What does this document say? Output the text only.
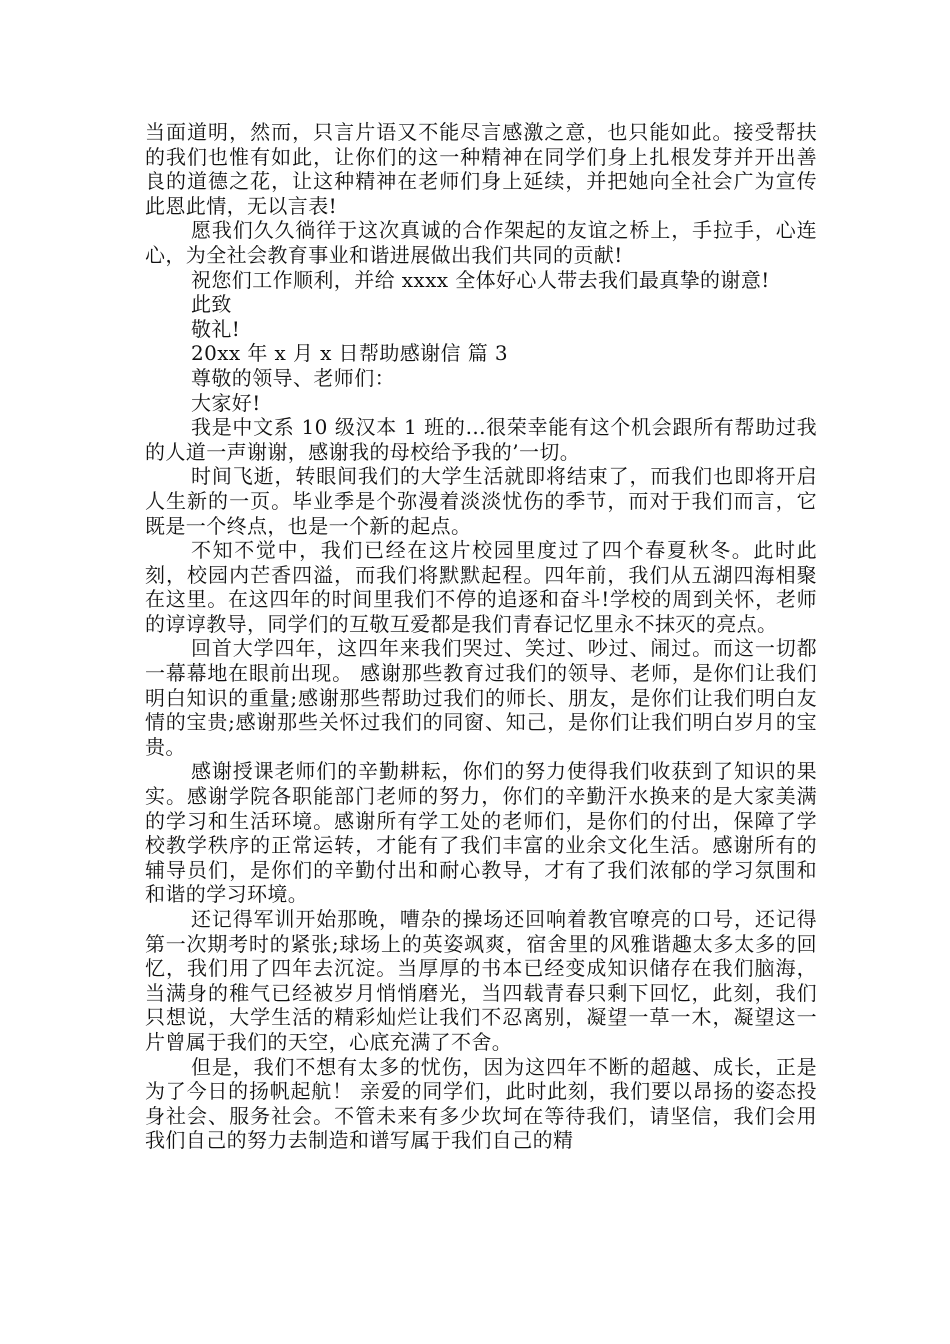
当面道明，然而，只言片语又不能尽言感激之意，也只能如此。接受帮扶的我们也惟有如此，让你们的这一种精神在同学们身上扎根发芽并开出善良的道德之花，让这种精神在老师们身上延续，并把她向全社会广为宣传 此恩此情，无以言表!

愿我们久久徜徉于这次真诚的合作架起的友谊之桥上，手拉手，心连心，为全社会教育事业和谐进展做出我们共同的贡献!

祝您们工作顺利，并给 xxxx 全体好心人带去我们最真挚的谢意!

此致

敬礼!

20xx 年 x 月 x 日帮助感谢信 篇 3

尊敬的领导、老师们：

大家好!

我是中文系 10 级汉本 1 班的...很荣幸能有这个机会跟所有帮助过我的人道一声谢谢，感谢我的母校给予我的’一切。

时间飞逝，转眼间我们的大学生活就即将结束了，而我们也即将开启人生新的一页。毕业季是个弥漫着淡淡忧伤的季节，而对于我们而言，它既是一个终点，也是一个新的起点。

不知不觉中，我们已经在这片校园里度过了四个春夏秋冬。此时此刻，校园内芒香四溢，而我们将默默起程。四年前，我们从五湖四海相聚在这里。在这四年的时间里我们不停的追逐和奋斗!学校的周到关怀，老师的谆谆教导，同学们的互敬互爱都是我们青春记忆里永不抹灭的亮点。

回首大学四年，这四年来我们哭过、笑过、吵过、闹过。而这一切都一幕幕地在眼前出现。 感谢那些教育过我们的领导、老师，是你们让我们明白知识的重量;感谢那些帮助过我们的师长、朋友，是你们让我们明白友情的宝贵;感谢那些关怀过我们的同窗、知己，是你们让我们明白岁月的宝贵。

感谢授课老师们的辛勤耕耘，你们的努力使得我们收获到了知识的果实。感谢学院各职能部门老师的努力，你们的辛勤汗水换来的是大家美满的学习和生活环境。感谢所有学工处的老师们，是你们的付出，保障了学校教学秩序的正常运转，才能有了我们丰富的业余文化生活。感谢所有的辅导员们，是你们的辛勤付出和耐心教导，才有了我们浓郁的学习氛围和和谐的学习环境。

还记得军训开始那晚，嘈杂的操场还回响着教官嘹亮的口号，还记得第一次期考时的紧张;球场上的英姿飒爽，宿舍里的风雅谐趣太多太多的回忆，我们用了四年去沉淀。当厚厚的书本已经变成知识储存在我们脑海，当满身的稚气已经被岁月悄悄磨光，当四载青春只剩下回忆，此刻，我们只想说，大学生活的精彩灿烂让我们不忍离别，凝望一草一木，凝望这一片曾属于我们的天空，心底充满了不舍。

但是，我们不想有太多的忧伤，因为这四年不断的超越、成长，正是为了今日的扬帆起航！ 亲爱的同学们，此时此刻，我们要以昂扬的姿态投身社会、服务社会。不管未来有多少坎坷在等待我们，请坚信，我们会用我们自己的努力去制造和谱写属于我们自己的精
